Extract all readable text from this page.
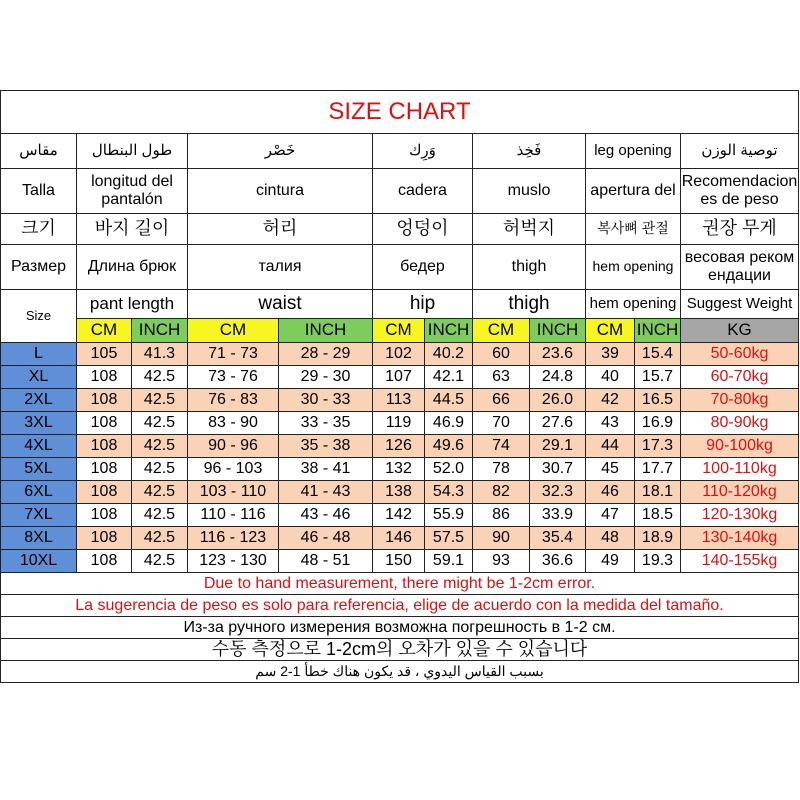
SIZE CHART											
مقاس	طول البنطال		خَصْر		وَرِك		فَخِذ		leg opening		توصية الوزن
Talla	longitud del pantalón		cintura		cadera		muslo		apertura del		Recomendaciones de peso
크기	바지 길이		허리		엉덩이		허벅지		복사뼈 관절		권장 무게
Размер	Длина брюк		талия		бедер		thigh		hem opening		весовая рекомендации
Size	pant length		waist		hip		thigh		hem opening		Suggest Weight
	CM	INCH	CM	INCH	CM	INCH	CM	INCH	CM	INCH	KG
L	105	41.3	71 - 73	28 - 29	102	40.2	60	23.6	39	15.4	50-60kg
XL	108	42.5	73 - 76	29 - 30	107	42.1	63	24.8	40	15.7	60-70kg
2XL	108	42.5	76 - 83	30 - 33	113	44.5	66	26.0	42	16.5	70-80kg
3XL	108	42.5	83 - 90	33 - 35	119	46.9	70	27.6	43	16.9	80-90kg
4XL	108	42.5	90 - 96	35 - 38	126	49.6	74	29.1	44	17.3	90-100kg
5XL	108	42.5	96 - 103	38 - 41	132	52.0	78	30.7	45	17.7	100-110kg
6XL	108	42.5	103 - 110	41 - 43	138	54.3	82	32.3	46	18.1	110-120kg
7XL	108	42.5	110 - 116	43 - 46	142	55.9	86	33.9	47	18.5	120-130kg
8XL	108	42.5	116 - 123	46 - 48	146	57.5	90	35.4	48	18.9	130-140kg
10XL	108	42.5	123 - 130	48 - 51	150	59.1	93	36.6	49	19.3	140-155kg
Due to hand measurement, there might be 1-2cm error.											
La sugerencia de peso es solo para referencia, elige de acuerdo con la medida del tamaño.											
Из-за ручного измерения возможна погрешность в 1-2 см.											
수동 측정으로 1-2cm의 오차가 있을 수 있습니다											
بسبب القياس اليدوي ، قد يكون هناك خطأ 1-2 سم											
